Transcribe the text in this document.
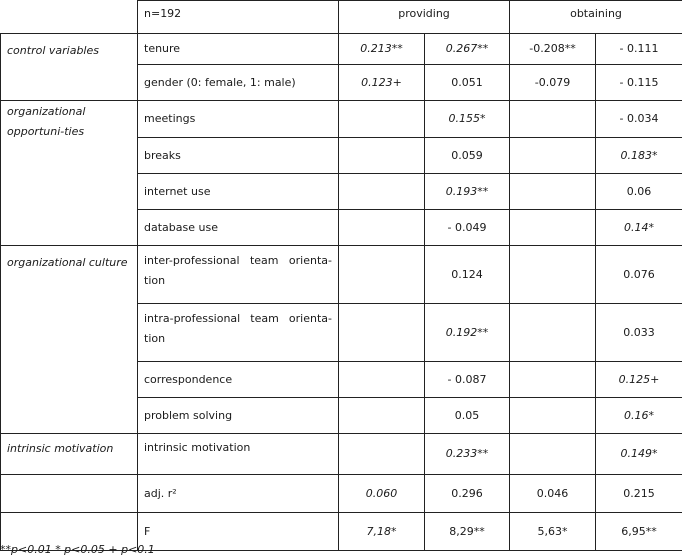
	n=192	providing		obtaining	
control variables	tenure	0.213**	0.267**	-0.208**	- 0.111
	gender (0: female, 1: male)	0.123+	0.051	-0.079	- 0.115
organizational opportuni-ties	meetings		0.155*		- 0.034
	breaks		0.059		0.183*
	internet use		0.193**		0.06
	database use		- 0.049		0.14*
organizational culture	inter-professional team orienta-tion		0.124		0.076
	intra-professional team orienta-tion		0.192**		0.033
	correspondence		- 0.087		0.125+
	problem solving		0.05		0.16*
intrinsic motivation	intrinsic motivation		0.233**		0.149*
	adj. r²	0.060	0.296	0.046	0.215
	F	7,18*	8,29**	5,63*	6,95**
**p<0.01 * p<0.05 + p<0.1
